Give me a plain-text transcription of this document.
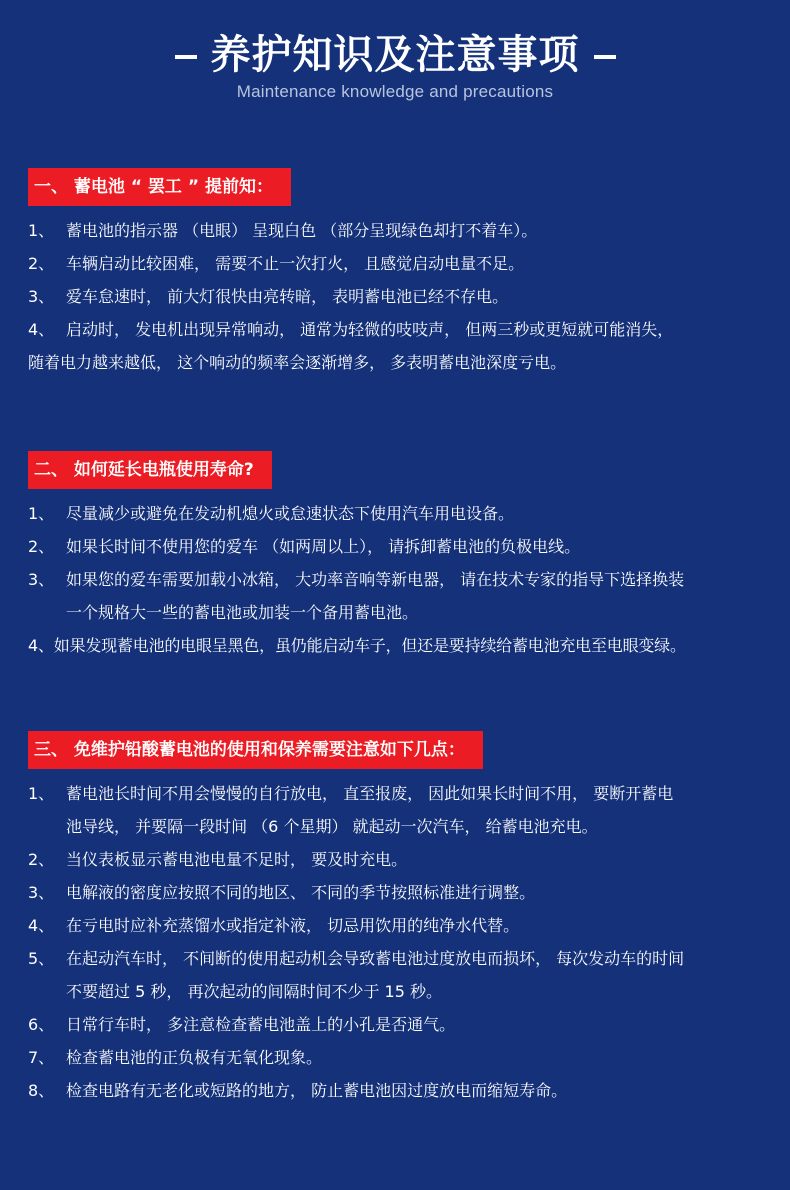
养护知识及注意事项
Maintenance knowledge and precautions
一、 蓄电池 “ 罢工 ” 提前知：
1、 蓄电池的指示器 （电眼） 呈现白色 （部分呈现绿色却打不着车）。
2、 车辆启动比较困难， 需要不止一次打火， 且感觉启动电量不足。
3、 爱车怠速时， 前大灯很快由亮转暗， 表明蓄电池已经不存电。
4、 启动时， 发电机出现异常响动， 通常为轻微的吱吱声， 但两三秒或更短就可能消失，
随着电力越来越低， 这个响动的频率会逐渐增多， 多表明蓄电池深度亏电。
二、 如何延长电瓶使用寿命?
1、 尽量减少或避免在发动机熄火或怠速状态下使用汽车用电设备。
2、 如果长时间不使用您的爱车 （如两周以上）， 请拆卸蓄电池的负极电线。
3、 如果您的爱车需要加载小冰箱， 大功率音响等新电器， 请在技术专家的指导下选择换装
一个规格大一些的蓄电池或加装一个备用蓄电池。
4、如果发现蓄电池的电眼呈黑色，虽仍能启动车子，但还是要持续给蓄电池充电至电眼变绿。
三、 免维护铅酸蓄电池的使用和保养需要注意如下几点：
1、 蓄电池长时间不用会慢慢的自行放电， 直至报废， 因此如果长时间不用， 要断开蓄电
池导线， 并要隔一段时间 （6 个星期） 就起动一次汽车， 给蓄电池充电。
2、 当仪表板显示蓄电池电量不足时， 要及时充电。
3、 电解液的密度应按照不同的地区、 不同的季节按照标准进行调整。
4、 在亏电时应补充蒸馏水或指定补液， 切忌用饮用的纯净水代替。
5、 在起动汽车时， 不间断的使用起动机会导致蓄电池过度放电而损坏， 每次发动车的时间
不要超过 5 秒， 再次起动的间隔时间不少于 15 秒。
6、 日常行车时， 多注意检查蓄电池盖上的小孔是否通气。
7、 检查蓄电池的正负极有无氧化现象。
8、 检查电路有无老化或短路的地方， 防止蓄电池因过度放电而缩短寿命。
